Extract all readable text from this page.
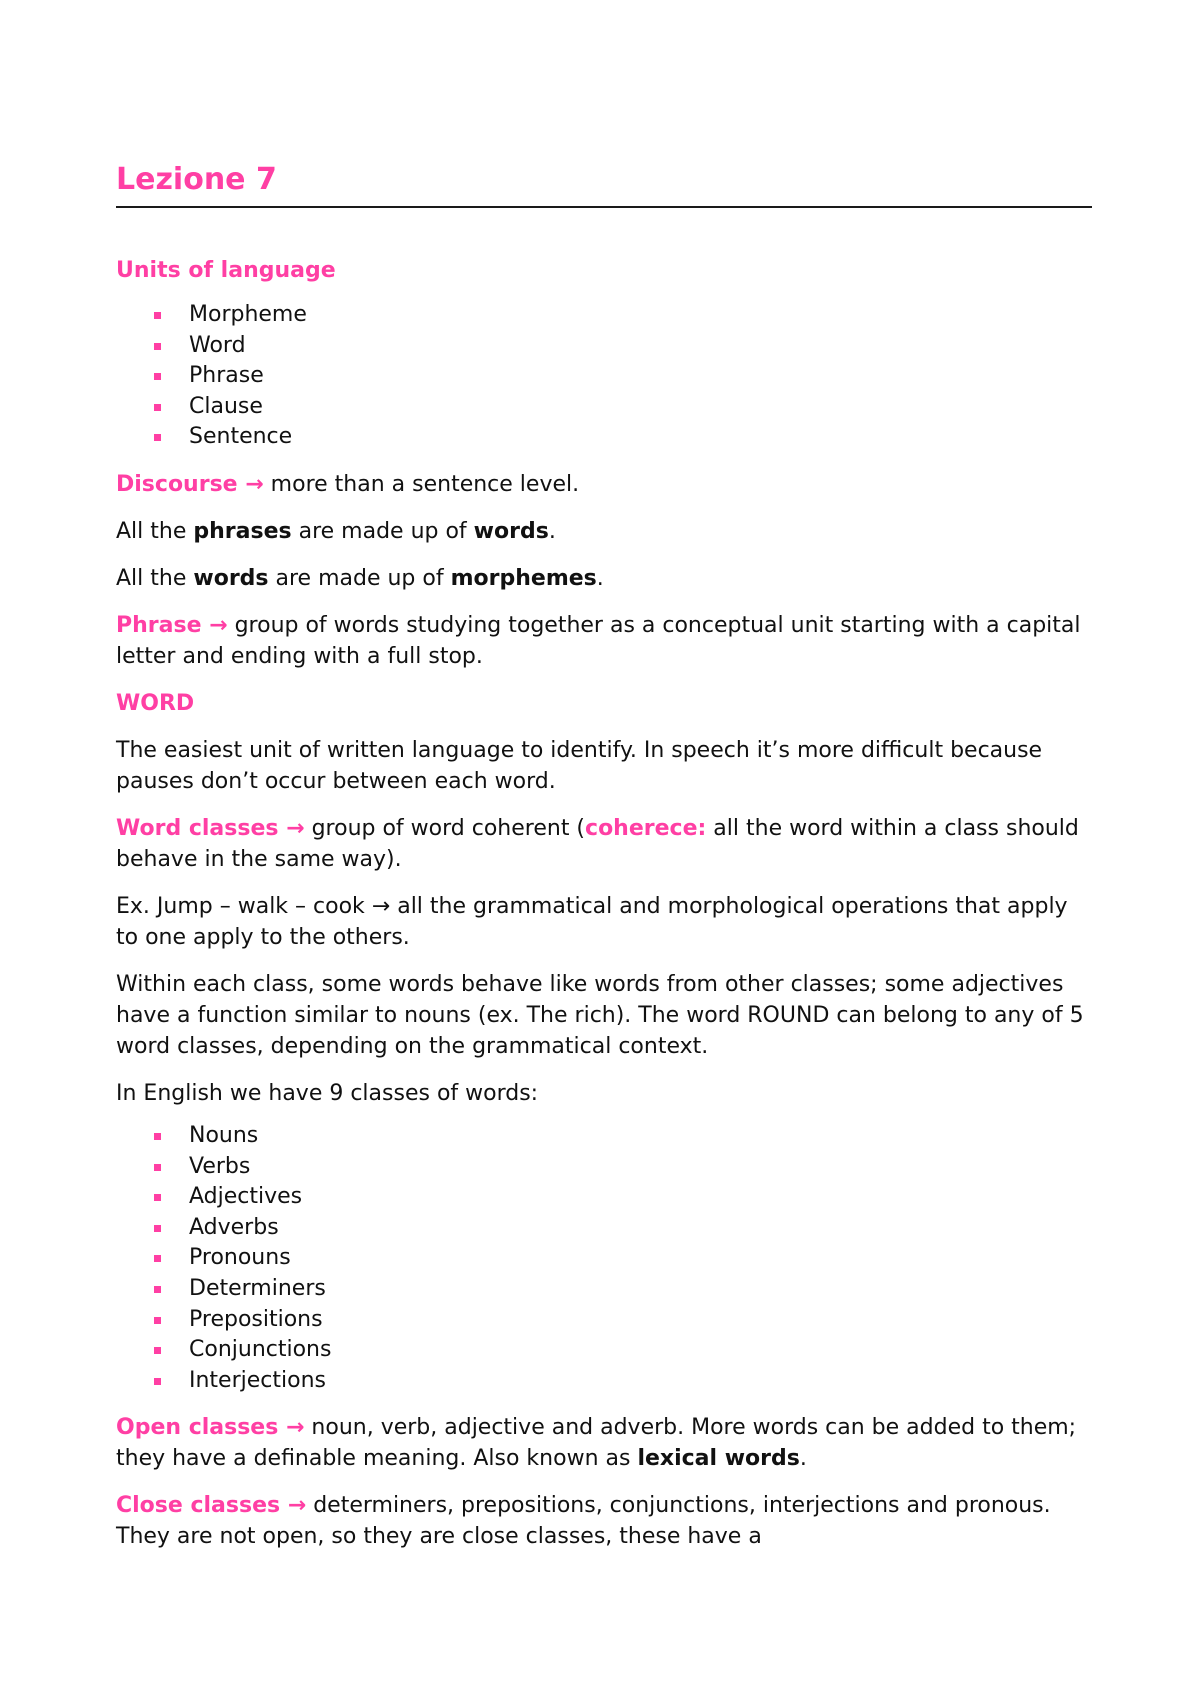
Lezione 7
Units of language
Morpheme
Word
Phrase
Clause
Sentence

Discourse → more than a sentence level.

All the phrases are made up of words.

All the words are made up of morphemes.

Phrase → group of words studying together as a conceptual unit starting with a capital letter and ending with a full stop.

WORD

The easiest unit of written language to identify. In speech it’s more difficult because pauses don’t occur between each word.

Word classes → group of word coherent (coherece: all the word within a class should behave in the same way).

Ex. Jump – walk – cook → all the grammatical and morphological operations that apply to one apply to the others.

Within each class, some words behave like words from other classes; some adjectives have a function similar to nouns (ex. The rich). The word ROUND can belong to any of 5 word classes, depending on the grammatical context.

In English we have 9 classes of words:

Nouns
Verbs
Adjectives
Adverbs
Pronouns
Determiners
Prepositions
Conjunctions
Interjections

Open classes → noun, verb, adjective and adverb. More words can be added to them; they have a definable meaning. Also known as lexical words.

Close classes → determiners, prepositions, conjunctions, interjections and pronous. They are not open, so they are close classes, these have a
